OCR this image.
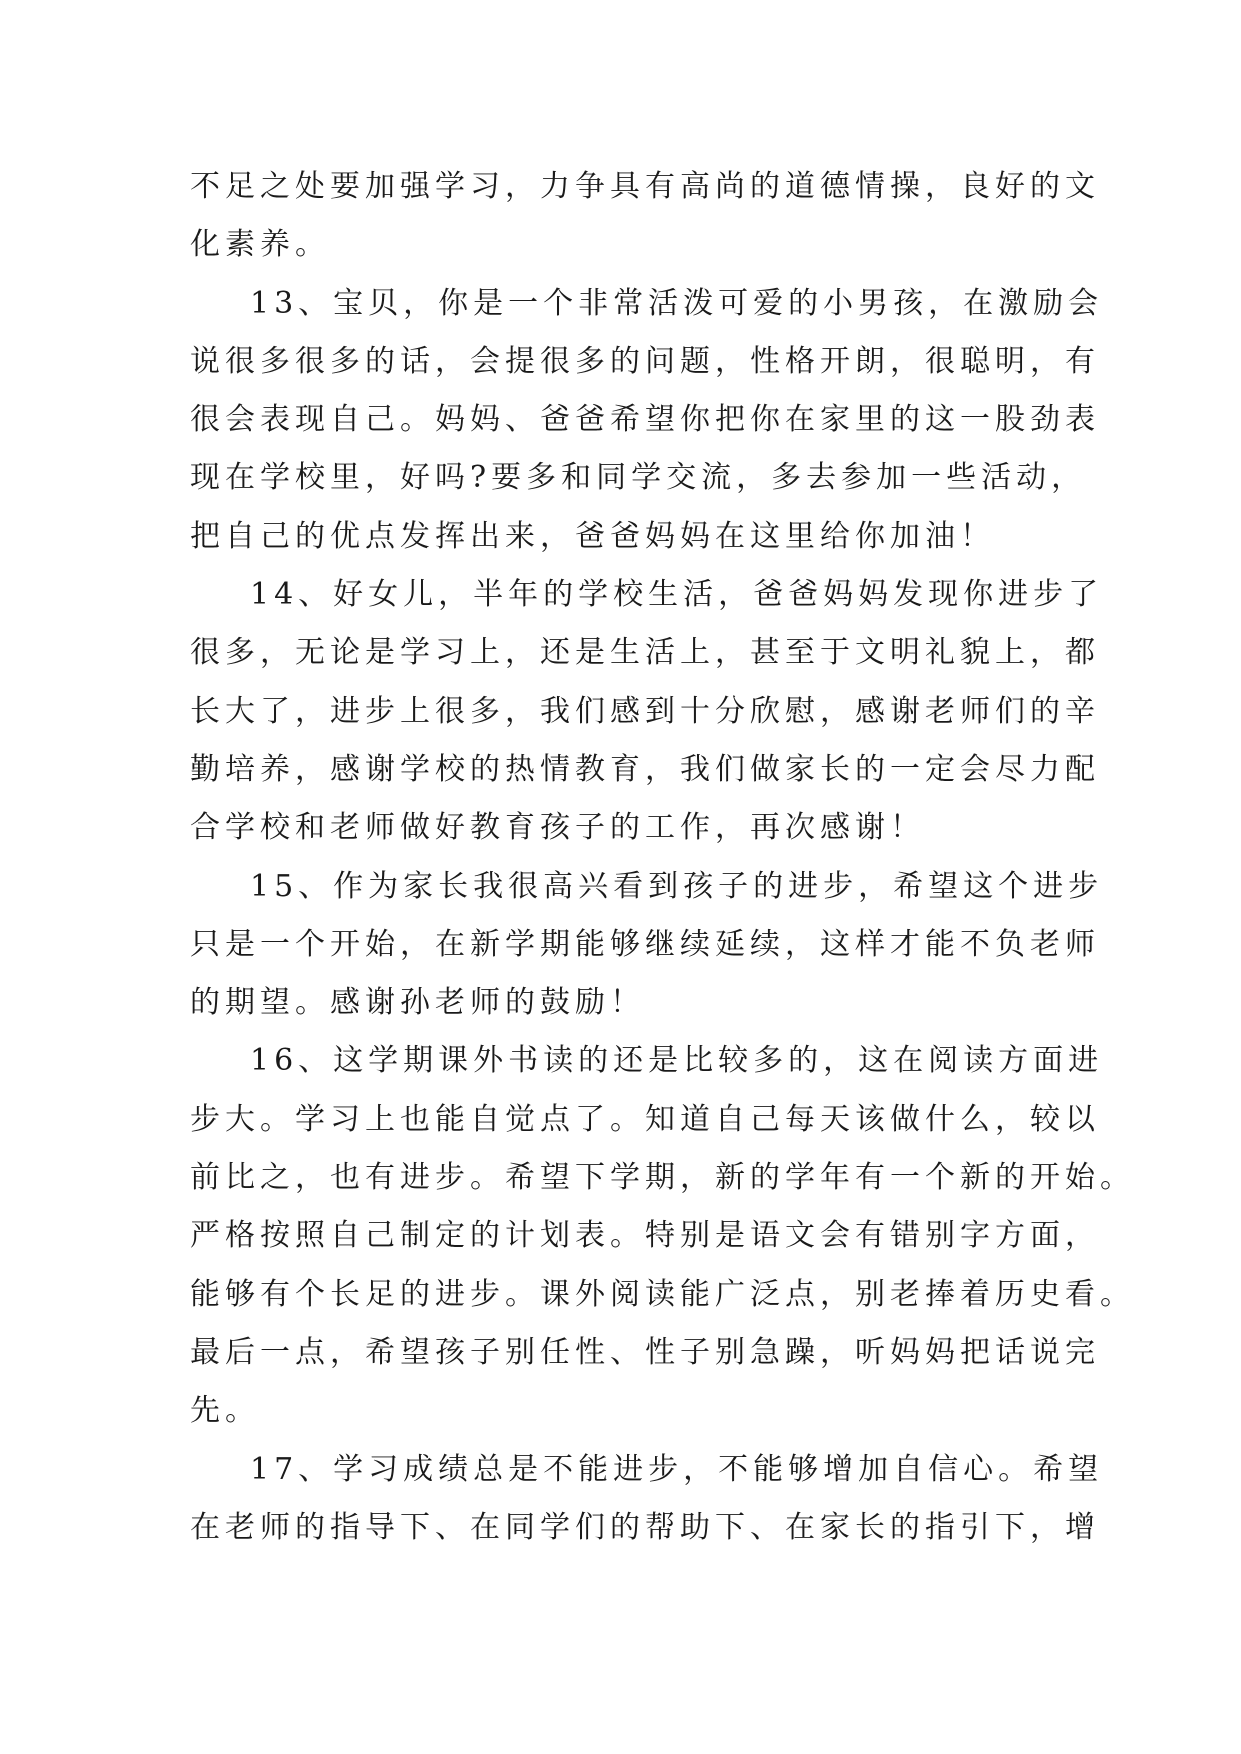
不足之处要加强学习，力争具有高尚的道德情操，良好的文
化素养。

13、宝贝，你是一个非常活泼可爱的小男孩，在激励会
说很多很多的话，会提很多的问题，性格开朗，很聪明，有
很会表现自己。妈妈、爸爸希望你把你在家里的这一股劲表
现在学校里，好吗?要多和同学交流，多去参加一些活动，
把自己的优点发挥出来，爸爸妈妈在这里给你加油！

14、好女儿，半年的学校生活，爸爸妈妈发现你进步了
很多，无论是学习上，还是生活上，甚至于文明礼貌上，都
长大了，进步上很多，我们感到十分欣慰，感谢老师们的辛
勤培养，感谢学校的热情教育，我们做家长的一定会尽力配
合学校和老师做好教育孩子的工作，再次感谢！

15、作为家长我很高兴看到孩子的进步，希望这个进步
只是一个开始，在新学期能够继续延续，这样才能不负老师
的期望。感谢孙老师的鼓励！

16、这学期课外书读的还是比较多的，这在阅读方面进
步大。学习上也能自觉点了。知道自己每天该做什么，较以
前比之，也有进步。希望下学期，新的学年有一个新的开始。
严格按照自己制定的计划表。特别是语文会有错别字方面，
能够有个长足的进步。课外阅读能广泛点，别老捧着历史看。
最后一点，希望孩子别任性、性子别急躁，听妈妈把话说完
先。

17、学习成绩总是不能进步，不能够增加自信心。希望
在老师的指导下、在同学们的帮助下、在家长的指引下，增
